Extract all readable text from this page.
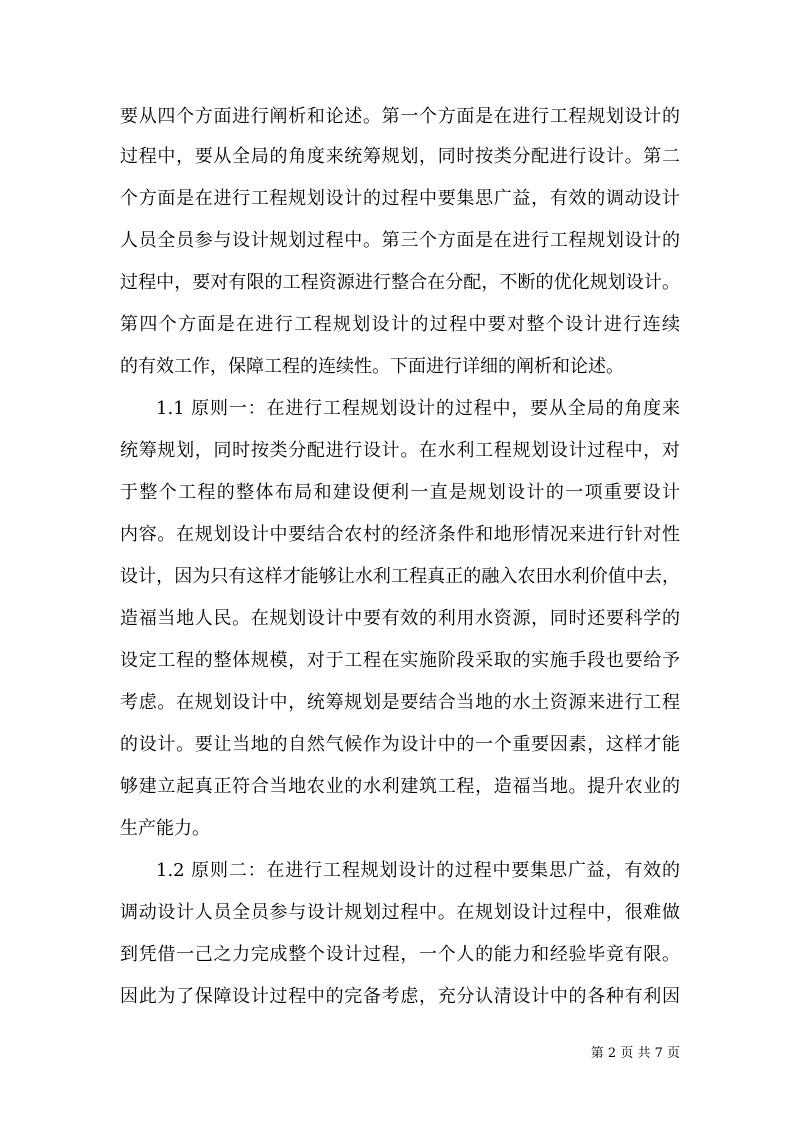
要从四个方面进行阐析和论述。第一个方面是在进行工程规划设计的
过程中，要从全局的角度来统筹规划，同时按类分配进行设计。第二
个方面是在进行工程规划设计的过程中要集思广益，有效的调动设计
人员全员参与设计规划过程中。第三个方面是在进行工程规划设计的
过程中，要对有限的工程资源进行整合在分配，不断的优化规划设计。
第四个方面是在进行工程规划设计的过程中要对整个设计进行连续
的有效工作，保障工程的连续性。下面进行详细的阐析和论述。
1.1 原则一：在进行工程规划设计的过程中，要从全局的角度来
统筹规划，同时按类分配进行设计。在水利工程规划设计过程中，对
于整个工程的整体布局和建设便利一直是规划设计的一项重要设计
内容。在规划设计中要结合农村的经济条件和地形情况来进行针对性
设计，因为只有这样才能够让水利工程真正的融入农田水利价值中去，
造福当地人民。在规划设计中要有效的利用水资源，同时还要科学的
设定工程的整体规模，对于工程在实施阶段采取的实施手段也要给予
考虑。在规划设计中，统筹规划是要结合当地的水土资源来进行工程
的设计。要让当地的自然气候作为设计中的一个重要因素，这样才能
够建立起真正符合当地农业的水利建筑工程，造福当地。提升农业的
生产能力。
1.2 原则二：在进行工程规划设计的过程中要集思广益，有效的
调动设计人员全员参与设计规划过程中。在规划设计过程中，很难做
到凭借一己之力完成整个设计过程，一个人的能力和经验毕竟有限。
因此为了保障设计过程中的完备考虑，充分认清设计中的各种有利因
第 2 页 共 7 页
